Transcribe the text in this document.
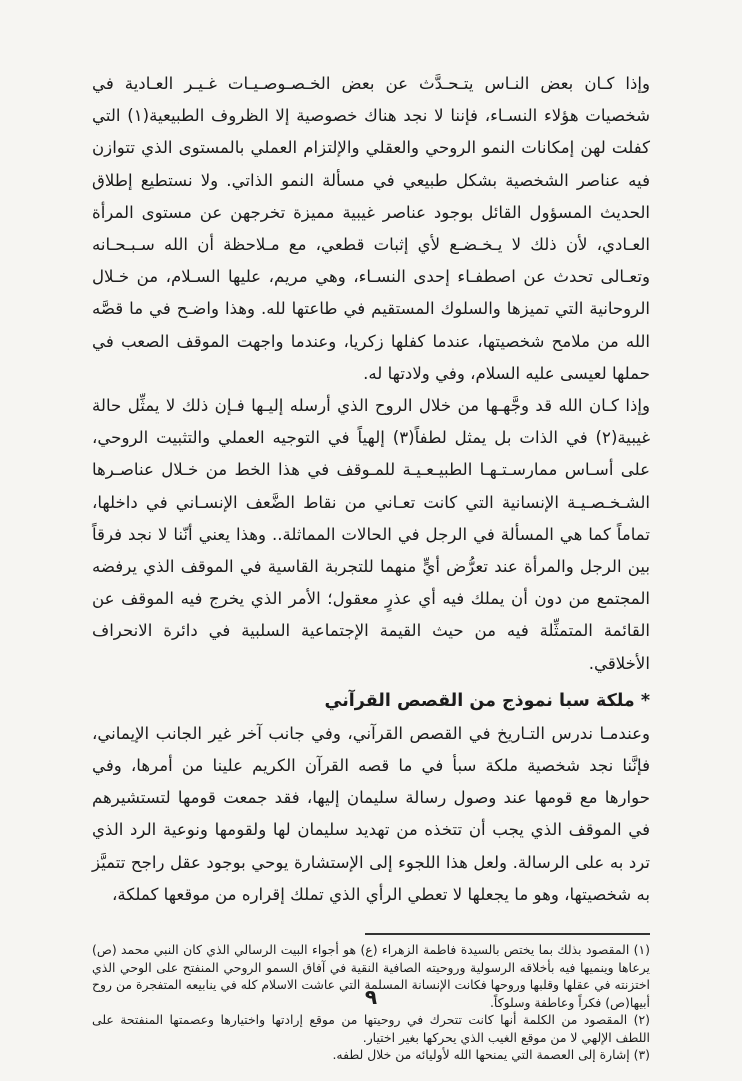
وإذا كـان بعض النـاس يتـحـدَّث عن بعض الخـصـوصـيـات غـيـر العـادية في شخصيات هؤلاء النسـاء، فإننا لا نجد هناك خصوصية إلا الظروف الطبيعية(١) التي كفلت لهن إمكانات النمو الروحي والعقلي والإلتزام العملي بالمستوى الذي تتوازن فيه عناصر الشخصية بشكل طبيعي في مسألة النمو الذاتي. ولا نستطيع إطلاق الحديث المسؤول القائل بوجود عناصر غيبية مميزة تخرجهن عن مستوى المرأة العـادي، لأن ذلك لا يـخـضـع لأي إثبات قطعي، مع مـلاحظة أن الله سـبـحـانه وتعـالى تحدث عن اصطفـاء إحدى النسـاء، وهي مريم، عليها السـلام، من خـلال الروحانية التي تميزها والسلوك المستقيم في طاعتها لله. وهذا واضـح في ما قصَّه الله من ملامح شخصيتها، عندما كفلها زكريا، وعندما واجهت الموقف الصعب في حملها لعيسى عليه السلام، وفي ولادتها له.

وإذا كـان الله قد وجَّهـها من خلال الروح الذي أرسله إليـها فـإن ذلك لا يمثِّل حالة غيبية(٢) في الذات بل يمثل لطفاً(٣) إلهياً في التوجيه العملي والتثبيت الروحي، على أسـاس ممارسـتـهـا الطبيـعـيـة للمـوقف في هذا الخط من خـلال عناصـرها الشـخـصـيـة الإنسانية التي كانت تعـاني من نقاط الضَّعف الإنسـاني في داخلها، تماماً كما هي المسألة في الرجل في الحالات المماثلة.. وهذا يعني أنّنا لا نجد فرقاً بين الرجل والمرأة عند تعرُّض أيٍّ منهما للتجربة القاسية في الموقف الذي يرفضه المجتمع من دون أن يملك فيه أي عذرٍ معقول؛ الأمر الذي يخرج فيه الموقف عن القائمة المتمثِّلة فيه من حيث القيمة الإجتماعية السلبية في دائرة الانحراف الأخلاقي.

* ملكة سبا نموذج من القصص القرآني

وعندمـا ندرس التـاريخ في القصص القرآني، وفي جانب آخر غير الجانب الإيماني، فإنَّنا نجد شخصية ملكة سبأ في ما قصه القرآن الكريم علينا من أمرها، وفي حوارها مع قومها عند وصول رسالة سليمان إليها، فقد جمعت قومها لتستشيرهم في الموقف الذي يجب أن تتخذه من تهديد سليمان لها ولقومها ونوعية الرد الذي ترد به على الرسالة. ولعل هذا اللجوء إلى الإستشارة يوحي بوجود عقل راجح تتميَّز به شخصيتها، وهو ما يجعلها لا تعطي الرأي الذي تملك إقراره من موقعها كملكة،

(١) المقصود بذلك بما يختص بالسيدة فاطمة الزهراء (ع) هو أجواء البيت الرسالي الذي كان النبي محمد (ص) يرعاها وينميها فيه بأخلاقه الرسولية وروحيته الصافية النقية في آفاق السمو الروحي المنفتح على الوحي الذي اختزنته في عقلها وقلبها وروحها فكانت الإنسانة المسلمة التي عاشت الاسلام كله في ينابيعه المتفجرة من روح أبيها(ص) فكراً وعاطفة وسلوكاً.

(٢) المقصود من الكلمة أنها كانت تتحرك في روحيتها من موقع إرادتها واختيارها وعصمتها المنفتحة على اللطف الإلهي لا من موقع الغيب الذي يحركها بغير اختيار.

(٣) إشارة إلى العصمة التي يمنحها الله لأوليائه من خلال لطفه.

٩
